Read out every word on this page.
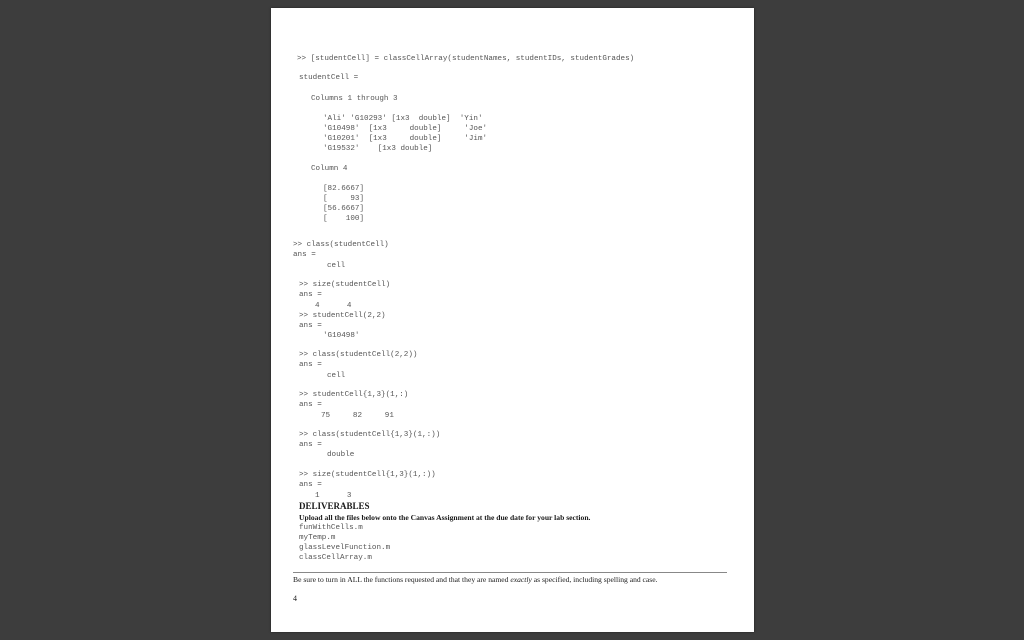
>> [studentCell] = classCellArray(studentNames, studentIDs, studentGrades)

studentCell =

Columns 1 through 3

'Ali' 'G10293' [1x3  double]  'Yin'

'G10498'  [1x3     double]     'Joe'

'G10201'  [1x3     double]     'Jim'

'G19532'    [1x3 double]

Column 4

[82.6667]

[     93]

[56.6667]

[    100]

>> class(studentCell)

ans =

cell

>> size(studentCell)

ans =

4      4

>> studentCell(2,2)

ans =

'G10498'

>> class(studentCell(2,2))

ans =

cell

>> studentCell{1,3}(1,:)

ans =

75     82     91

>> class(studentCell{1,3}(1,:))

ans =

double

>> size(studentCell{1,3}(1,:))

ans =

1      3

DELIVERABLES

Upload all the files below onto the Canvas Assignment at the due date for your lab section.

funWithCells.m

myTemp.m

glassLevelFunction.m

classCellArray.m

Be sure to turn in ALL the functions requested and that they are named exactly as specified, including spelling and case.

4
